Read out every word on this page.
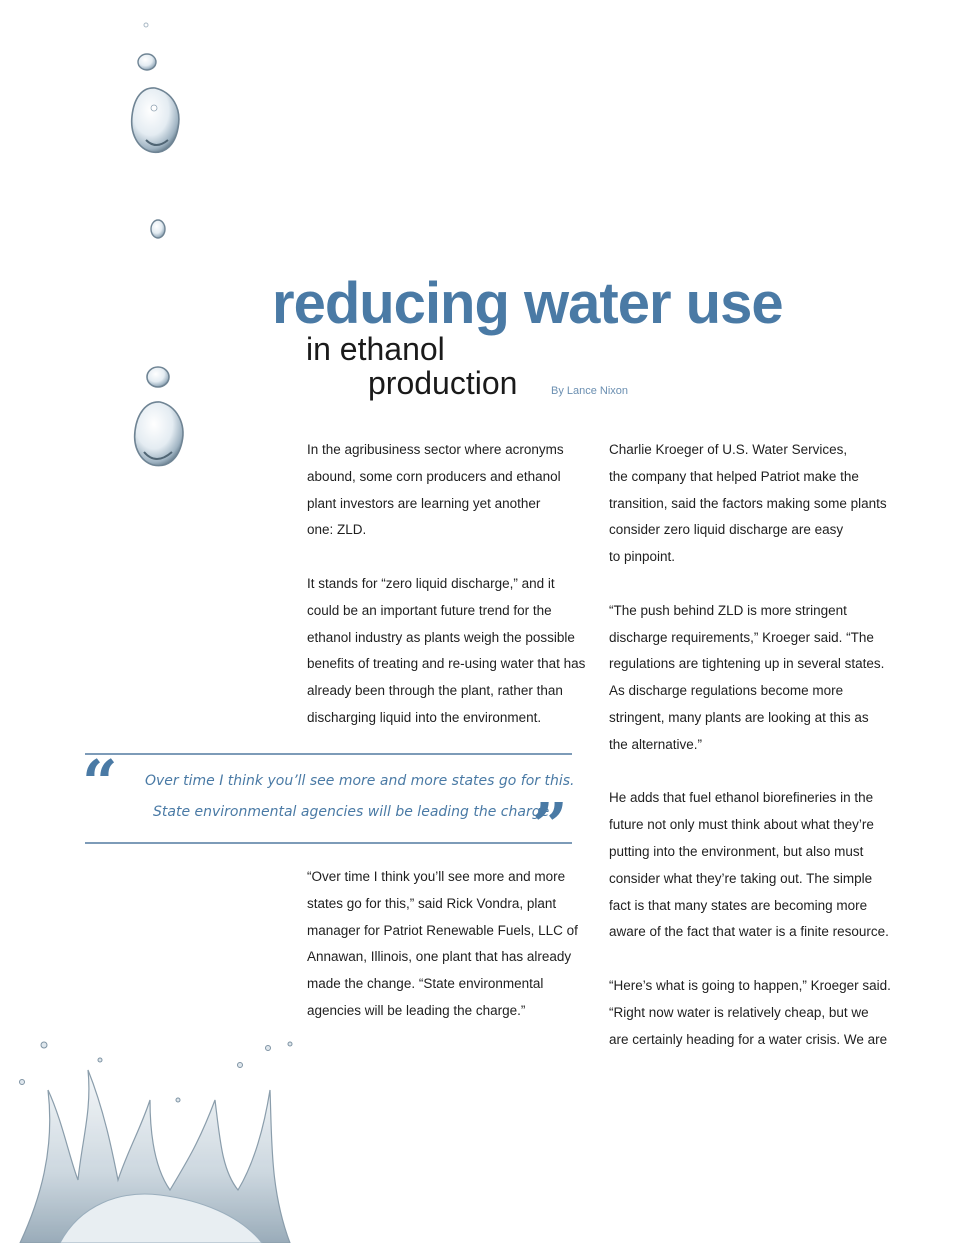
reducing water use
in ethanol
production	By Lance Nixon

In the agribusiness sector where acronyms
abound, some corn producers and ethanol
plant investors are learning yet another
one: ZLD.

It stands for “zero liquid discharge,” and it
could be an important future trend for the
ethanol industry as plants weigh the possible
benefits of treating and re-using water that has
already been through the plant, rather than
discharging liquid into the environment.

“ Over time I think you’ll see more and more states go for this.
State environmental agencies will be leading the charge.
”

“Over time I think you’ll see more and more
states go for this,” said Rick Vondra, plant
manager for Patriot Renewable Fuels, LLC of
Annawan, Illinois, one plant that has already
made the change. “State environmental
agencies will be leading the charge.”

Charlie Kroeger of U.S. Water Services,
the company that helped Patriot make the
transition, said the factors making some plants
consider zero liquid discharge are easy
to pinpoint.

“The push behind ZLD is more stringent
discharge requirements,” Kroeger said. “The
regulations are tightening up in several states.
As discharge regulations become more
stringent, many plants are looking at this as
the alternative.”

He adds that fuel ethanol biorefineries in the
future not only must think about what they’re
putting into the environment, but also must
consider what they’re taking out. The simple
fact is that many states are becoming more
aware of the fact that water is a finite resource.

“Here’s what is going to happen,” Kroeger said.
“Right now water is relatively cheap, but we
are certainly heading for a water crisis. We are
